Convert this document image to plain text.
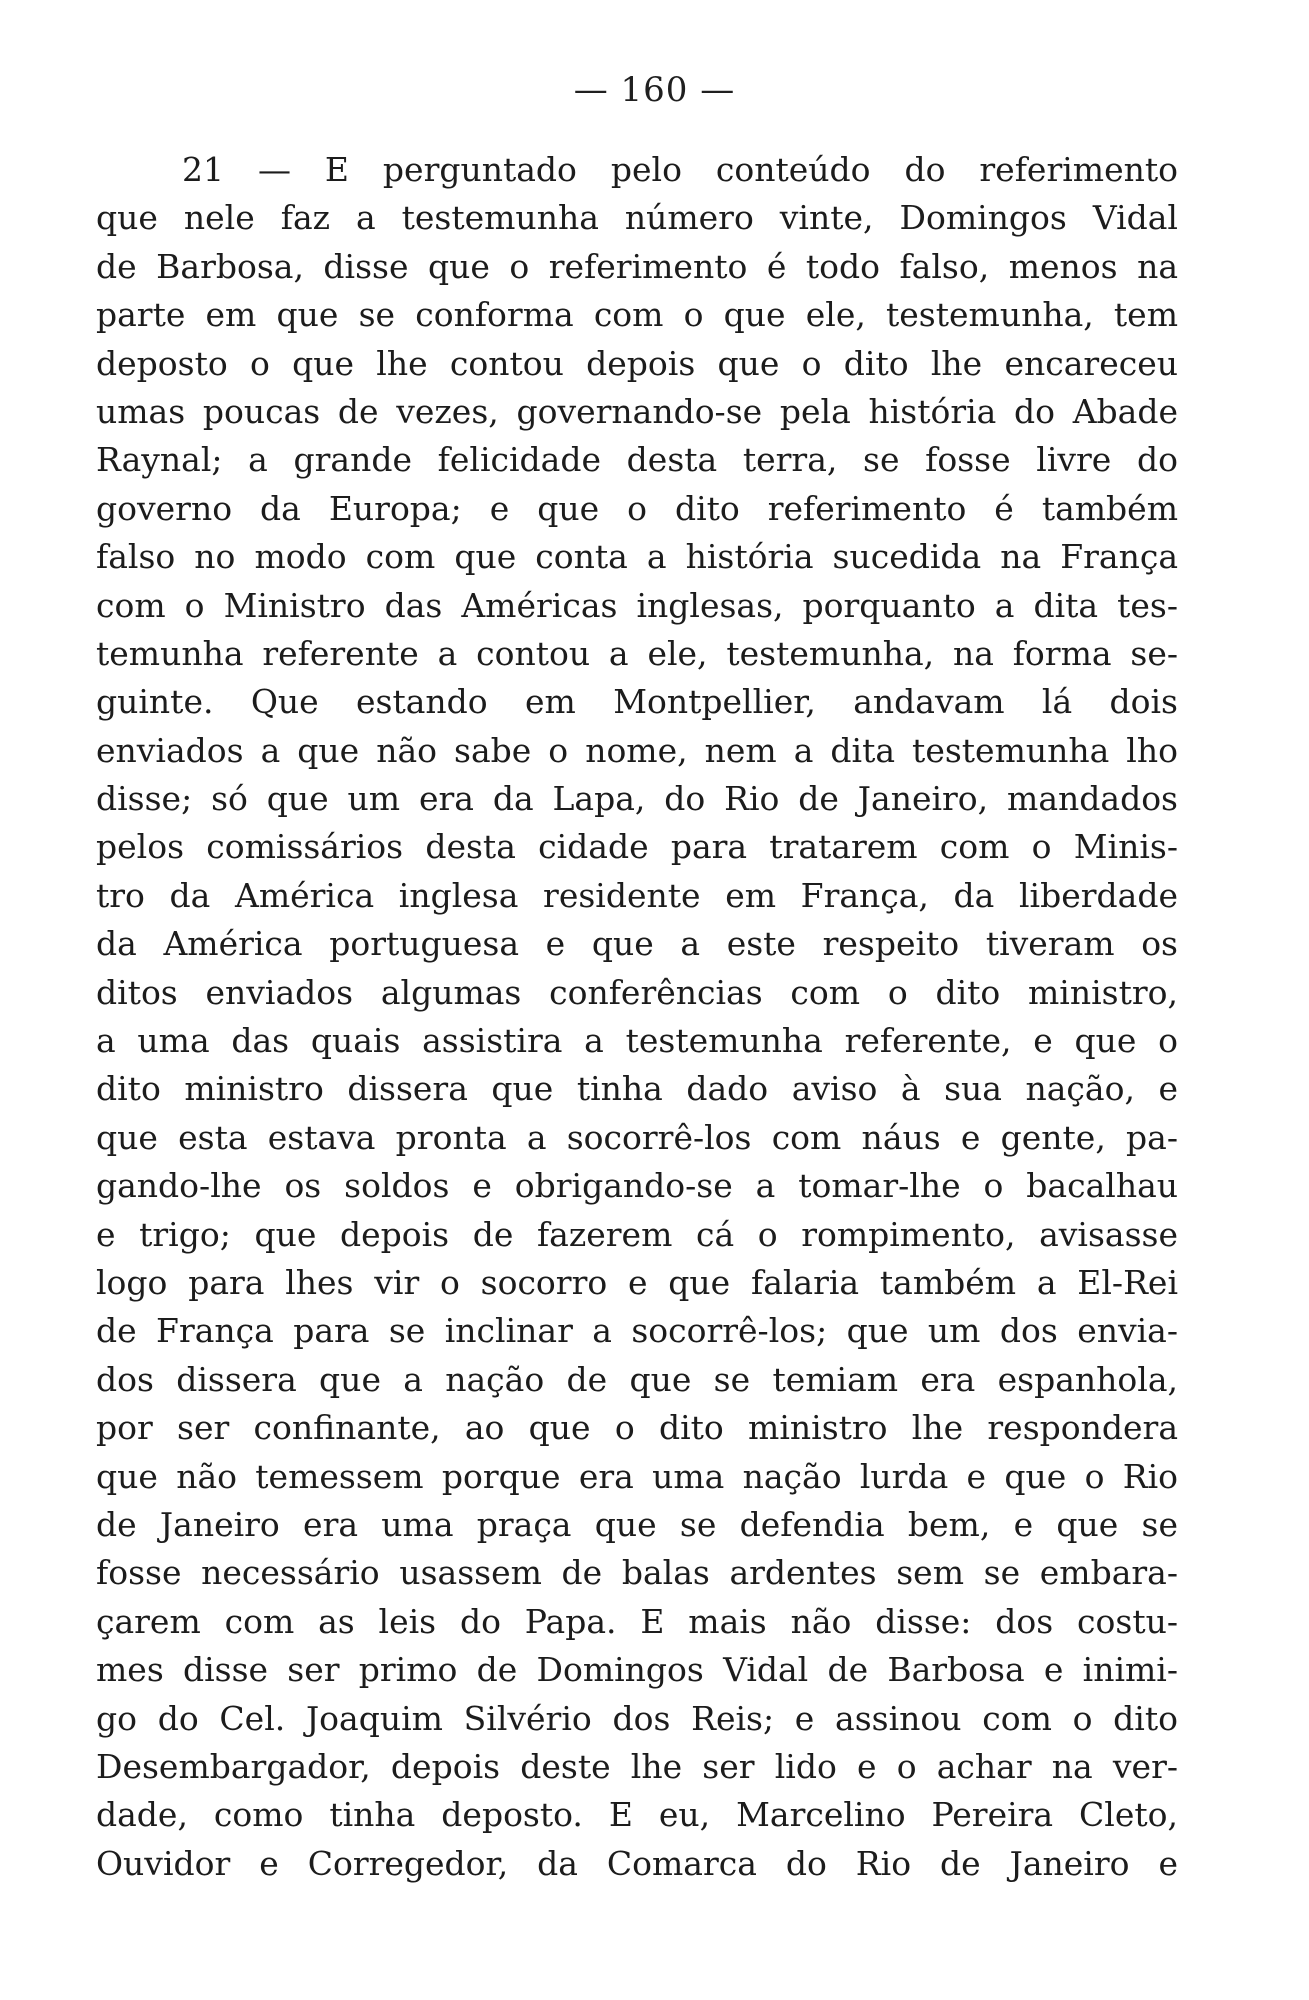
— 160 —
21 — E perguntado pelo conteúdo do referimento
que nele faz a testemunha número vinte, Domingos Vidal
de Barbosa, disse que o referimento é todo falso, menos na
parte em que se conforma com o que ele, testemunha, tem
deposto o que lhe contou depois que o dito lhe encareceu
umas poucas de vezes, governando-se pela história do Abade
Raynal; a grande felicidade desta terra, se fosse livre do
governo da Europa; e que o dito referimento é também
falso no modo com que conta a história sucedida na França
com o Ministro das Américas inglesas, porquanto a dita tes-
temunha referente a contou a ele, testemunha, na forma se-
guinte. Que estando em Montpellier, andavam lá dois
enviados a que não sabe o nome, nem a dita testemunha lho
disse; só que um era da Lapa, do Rio de Janeiro, mandados
pelos comissários desta cidade para tratarem com o Minis-
tro da América inglesa residente em França, da liberdade
da América portuguesa e que a este respeito tiveram os
ditos enviados algumas conferências com o dito ministro,
a uma das quais assistira a testemunha referente, e que o
dito ministro dissera que tinha dado aviso à sua nação, e
que esta estava pronta a socorrê-los com náus e gente, pa-
gando-lhe os soldos e obrigando-se a tomar-lhe o bacalhau
e trigo; que depois de fazerem cá o rompimento, avisasse
logo para lhes vir o socorro e que falaria também a El-Rei
de França para se inclinar a socorrê-los; que um dos envia-
dos dissera que a nação de que se temiam era espanhola,
por ser confinante, ao que o dito ministro lhe respondera
que não temessem porque era uma nação lurda e que o Rio
de Janeiro era uma praça que se defendia bem, e que se
fosse necessário usassem de balas ardentes sem se embara-
çarem com as leis do Papa. E mais não disse: dos costu-
mes disse ser primo de Domingos Vidal de Barbosa e inimi-
go do Cel. Joaquim Silvério dos Reis; e assinou com o dito
Desembargador, depois deste lhe ser lido e o achar na ver-
dade, como tinha deposto. E eu, Marcelino Pereira Cleto,
Ouvidor e Corregedor, da Comarca do Rio de Janeiro e
